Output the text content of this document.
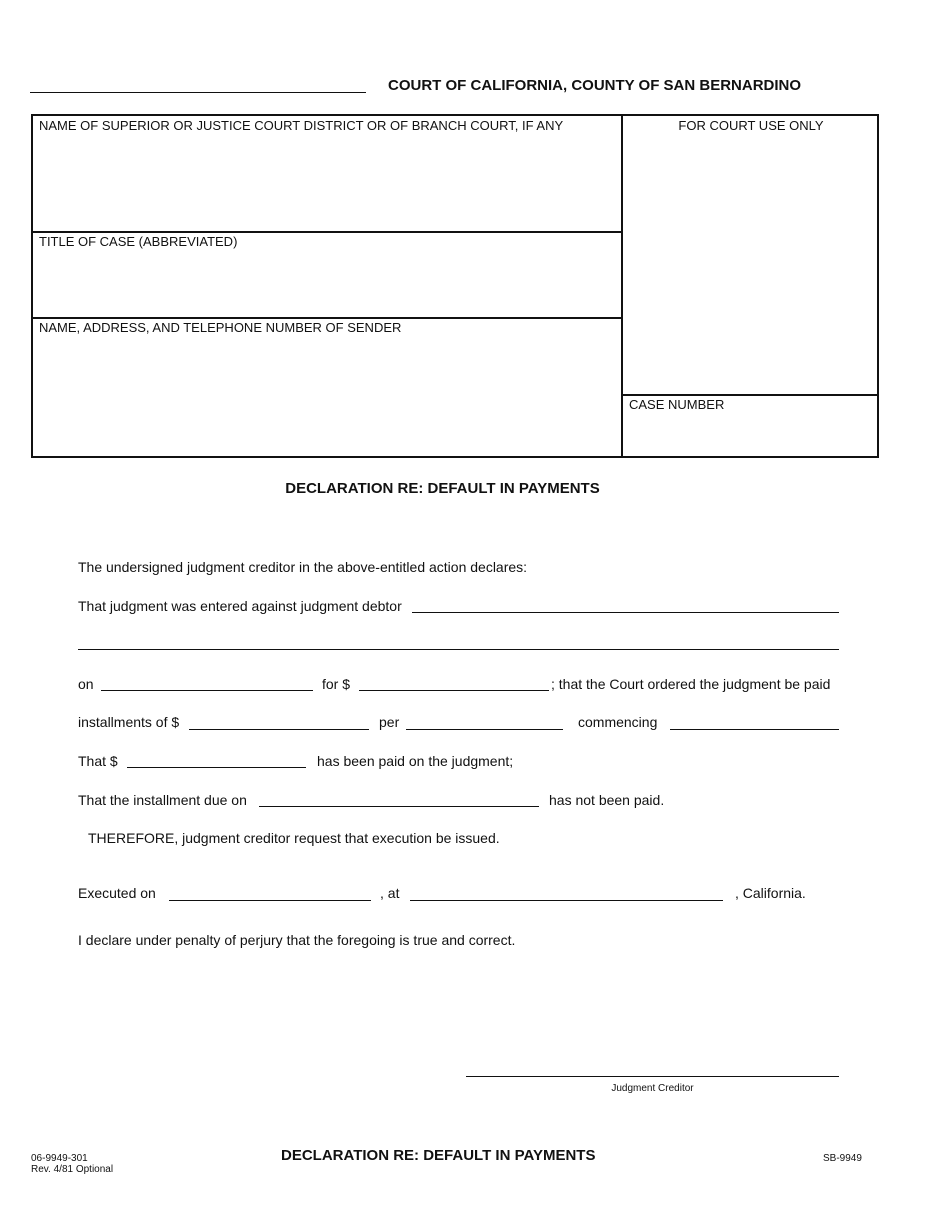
COURT OF CALIFORNIA, COUNTY OF SAN BERNARDINO
NAME OF SUPERIOR OR JUSTICE COURT DISTRICT OR OF BRANCH COURT, IF ANY
TITLE OF CASE (ABBREVIATED)
NAME, ADDRESS, AND TELEPHONE NUMBER OF SENDER
FOR COURT USE ONLY
CASE NUMBER
DECLARATION RE: DEFAULT IN PAYMENTS
The undersigned judgment creditor in the above-entitled action declares:
That judgment was entered against judgment debtor
on	for $	; that the Court ordered the judgment be paid
installments of $	per	commencing
That $	has been paid on the judgment;
That the installment due on	has not been paid.
THEREFORE, judgment creditor request that execution be issued.
Executed on	, at	, California.
I declare under penalty of perjury that the foregoing is true and correct.
Judgment Creditor
06-9949-301
Rev. 4/81 Optional
DECLARATION RE: DEFAULT IN PAYMENTS	SB-9949
